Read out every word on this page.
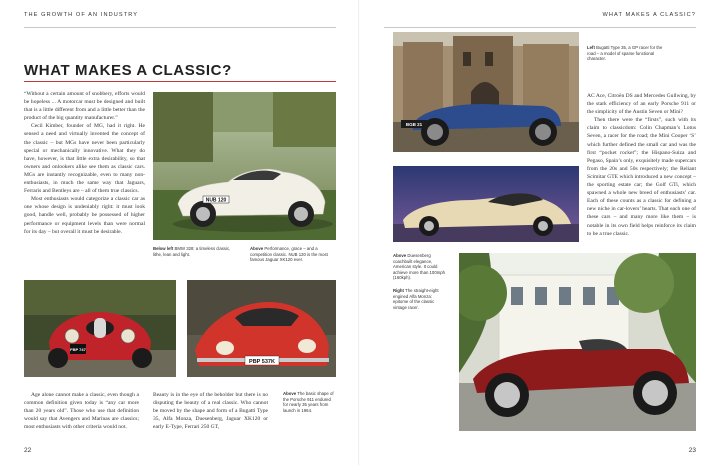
THE GROWTH OF AN INDUSTRY
WHAT MAKES A CLASSIC?

“Without a certain amount of snobbery, efforts would be hopeless ... A motorcar must be designed and built that is a little different from and a little better than the product of the big quantity manufacturer.”

Cecil Kimber, founder of MG, had it right. He sensed a need and virtually invented the concept of the classic – but MGs have never been particularly special or mechanically innovative. What they do have, however, is that little extra desirability, so that owners and onlookers alike see them as classic cars. MGs are instantly recognizable, even to many non-enthusiasts, in much the same way that Jaguars, Ferraris and Bentleys are – all of them true classics.

Most enthusiasts would categorize a classic car as one whose design is undeniably right: it must look good, handle well, probably be possessed of higher performance or equipment levels than were normal for its day – but overall it must be desirable.

NUB 120
Below left BMW 328: a timeless classic, lithe, lean and light.
Above Performance, grace – and a competition classic. NUB 120 is the most famous Jaguar XK120 ever.
FBP 747
PBP 537K

Age alone cannot make a classic, even though a common definition given today is “any car more than 20 years old”. Those who use that definition would say that Avengers and Marinas are classics; most enthusiasts with other criteria would not.

Beauty is in the eye of the beholder but there is no disputing the beauty of a real classic. Who cannot be moved by the shape and form of a Bugatti Type 35, Alfa Monza, Duesenberg, Jaguar XK120 or early E-Type, Ferrari 250 GT,

Above The basic shape of the Porsche 911 endured for nearly 35 years from launch in 1964.
22
WHAT MAKES A CLASSIC?
BGB 21
Left Bugatti Type 35, a GP racer for the road – a model of sparse functional character.

AC Ace, Citroën DS and Mercedes Gullwing, by the stark efficiency of an early Porsche 911 or the simplicity of the Austin Seven or Mini?

Then there were the “firsts”, such with its claim to classicdom: Colin Chapman’s Lotus Seven, a racer for the road; the Mini Cooper ‘S’ which further defined the small car and was the first “pocket rocket”; the Hispano-Suiza and Pegaso, Spain’s only, exquisitely made supercars from the 20s and 50s respectively; the Reliant Scimitar GTE which introduced a new concept – the sporting estate car; the Golf GTi, which spawned a whole new breed of enthusiasts’ car. Each of these counts as a classic for defining a new niche in car-lovers’ hearts. That each one of these cars – and many more like them – is notable in its own field helps reinforce its claim to be a true classic.

Above Duesenberg coachbuilt elegance, American style. It could achieve more than 100mph (160kph).
Right The straight-eight engined Alfa Monza: epitome of the classic vintage racer.
23
